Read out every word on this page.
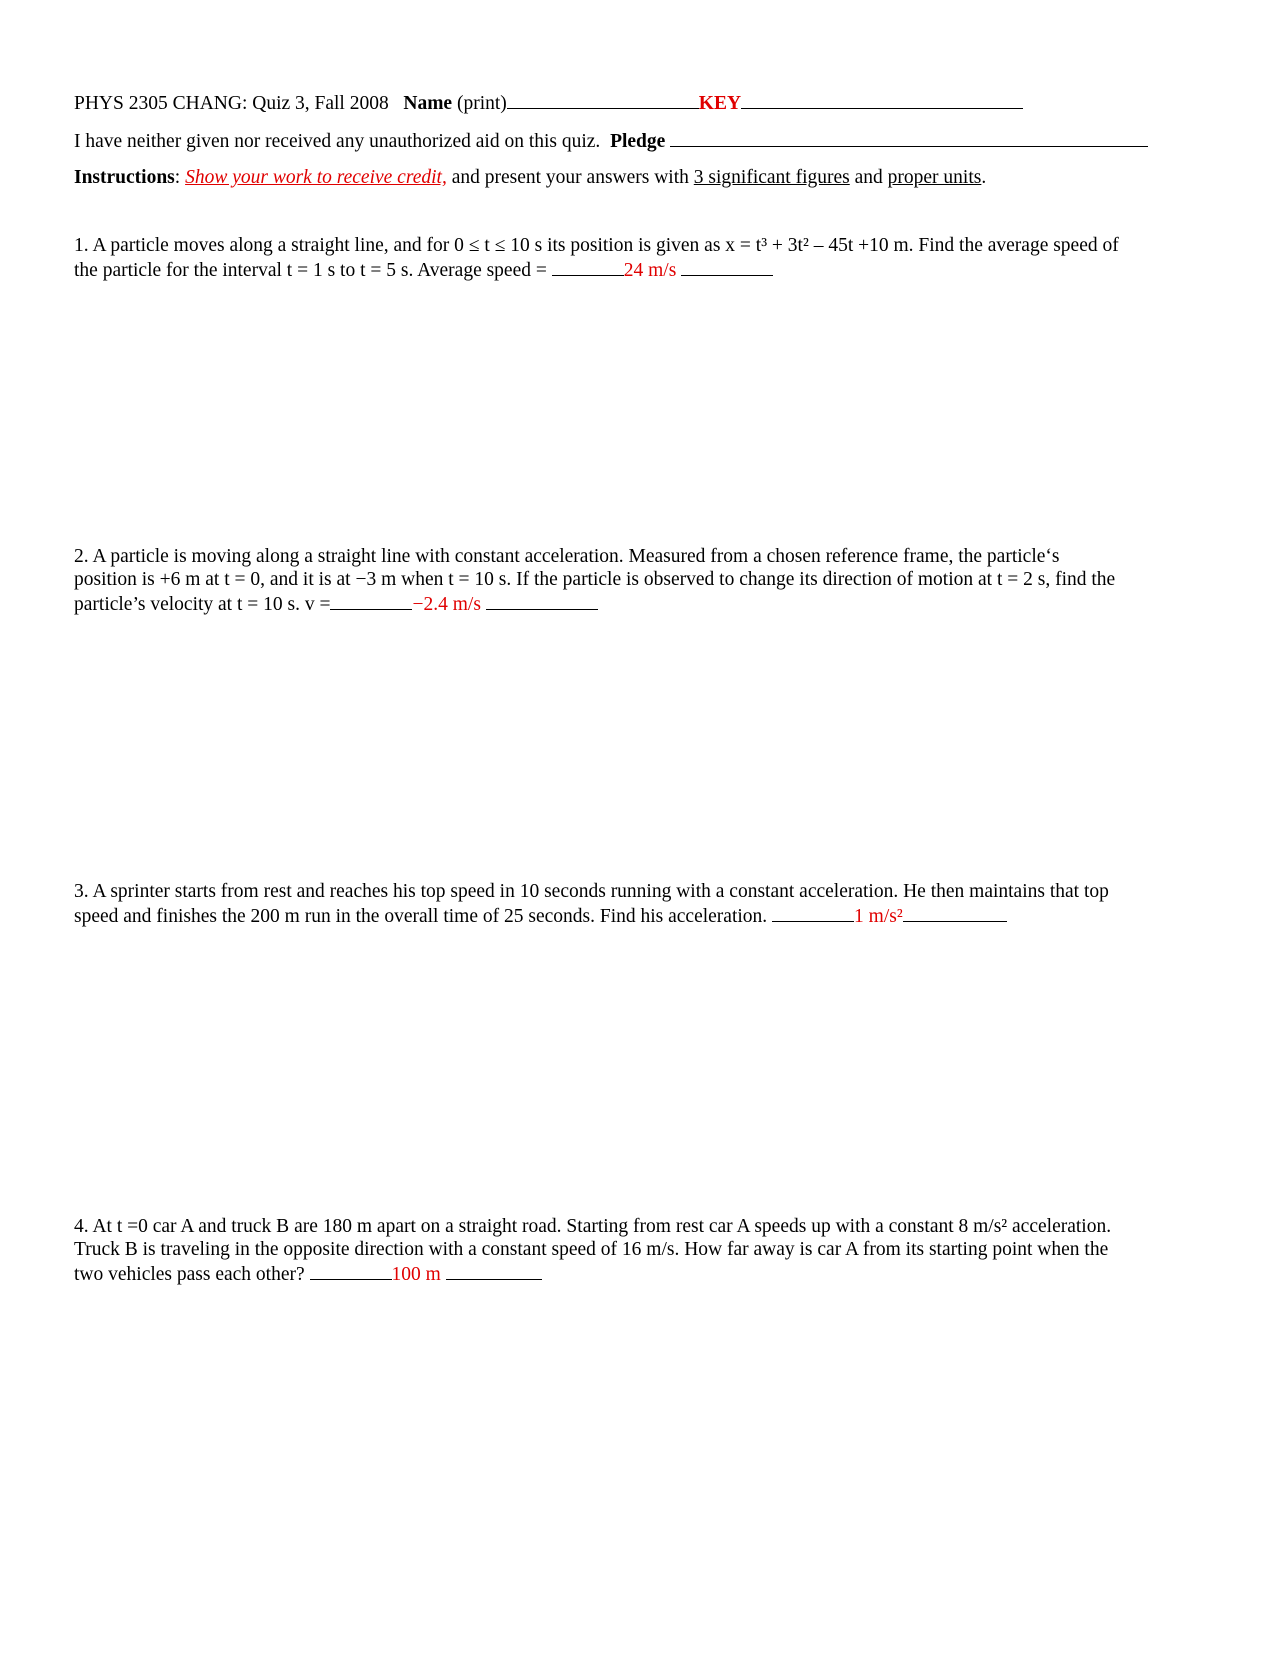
PHYS 2305 CHANG: Quiz 3, Fall 2008 Name (print)	KEY
I have neither given nor received any unauthorized aid on this quiz. Pledge
Instructions: Show your work to receive credit, and present your answers with 3 significant figures and proper units.
1. A particle moves along a straight line, and for 0 ≤ t ≤ 10 s its position is given as x = t³ + 3t² – 45t +10 m. Find the average speed of
the particle for the interval t = 1 s to t = 5 s. Average speed =	24 m/s
2. A particle is moving along a straight line with constant acceleration. Measured from a chosen reference frame, the particle‘s
position is +6 m at t = 0, and it is at −3 m when t = 10 s. If the particle is observed to change its direction of motion at t = 2 s, find the
particle’s velocity at t = 10 s. v =	−2.4 m/s
3. A sprinter starts from rest and reaches his top speed in 10 seconds running with a constant acceleration. He then maintains that top
speed and finishes the 200 m run in the overall time of 25 seconds. Find his acceleration.	1 m/s²
4. At t =0 car A and truck B are 180 m apart on a straight road. Starting from rest car A speeds up with a constant 8 m/s² acceleration.
Truck B is traveling in the opposite direction with a constant speed of 16 m/s. How far away is car A from its starting point when the
two vehicles pass each other?	100 m
